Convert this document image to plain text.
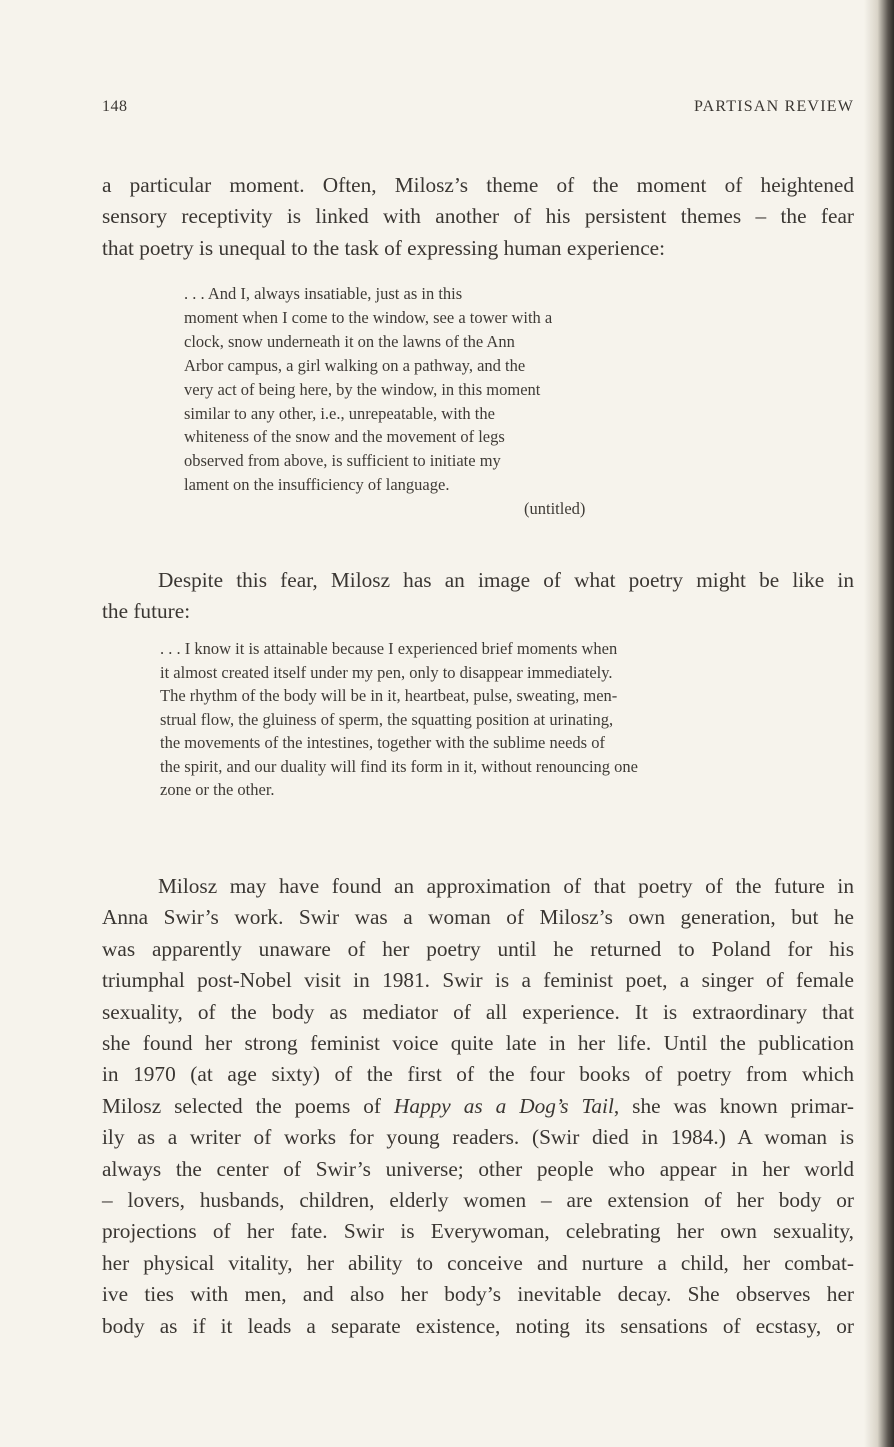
148	PARTISAN REVIEW
a particular moment. Often, Milosz’s theme of the moment of heightened
sensory receptivity is linked with another of his persistent themes – the fear
that poetry is unequal to the task of expressing human experience:
. . . And I, always insatiable, just as in this
moment when I come to the window, see a tower with a
clock, snow underneath it on the lawns of the Ann
Arbor campus, a girl walking on a pathway, and the
very act of being here, by the window, in this moment
similar to any other, i.e., unrepeatable, with the
whiteness of the snow and the movement of legs
observed from above, is sufficient to initiate my
lament on the insufficiency of language.
(untitled)
Despite this fear, Milosz has an image of what poetry might be like in
the future:
. . . I know it is attainable because I experienced brief moments when
it almost created itself under my pen, only to disappear immediately.
The rhythm of the body will be in it, heartbeat, pulse, sweating, men-
strual flow, the gluiness of sperm, the squatting position at urinating,
the movements of the intestines, together with the sublime needs of
the spirit, and our duality will find its form in it, without renouncing one
zone or the other.
Milosz may have found an approximation of that poetry of the future in
Anna Swir’s work. Swir was a woman of Milosz’s own generation, but he
was apparently unaware of her poetry until he returned to Poland for his
triumphal post-Nobel visit in 1981. Swir is a feminist poet, a singer of female
sexuality, of the body as mediator of all experience. It is extraordinary that
she found her strong feminist voice quite late in her life. Until the publication
in 1970 (at age sixty) of the first of the four books of poetry from which
Milosz selected the poems of Happy as a Dog’s Tail, she was known primar-
ily as a writer of works for young readers. (Swir died in 1984.) A woman is
always the center of Swir’s universe; other people who appear in her world
– lovers, husbands, children, elderly women – are extension of her body or
projections of her fate. Swir is Everywoman, celebrating her own sexuality,
her physical vitality, her ability to conceive and nurture a child, her combat-
ive ties with men, and also her body’s inevitable decay. She observes her
body as if it leads a separate existence, noting its sensations of ecstasy, or
